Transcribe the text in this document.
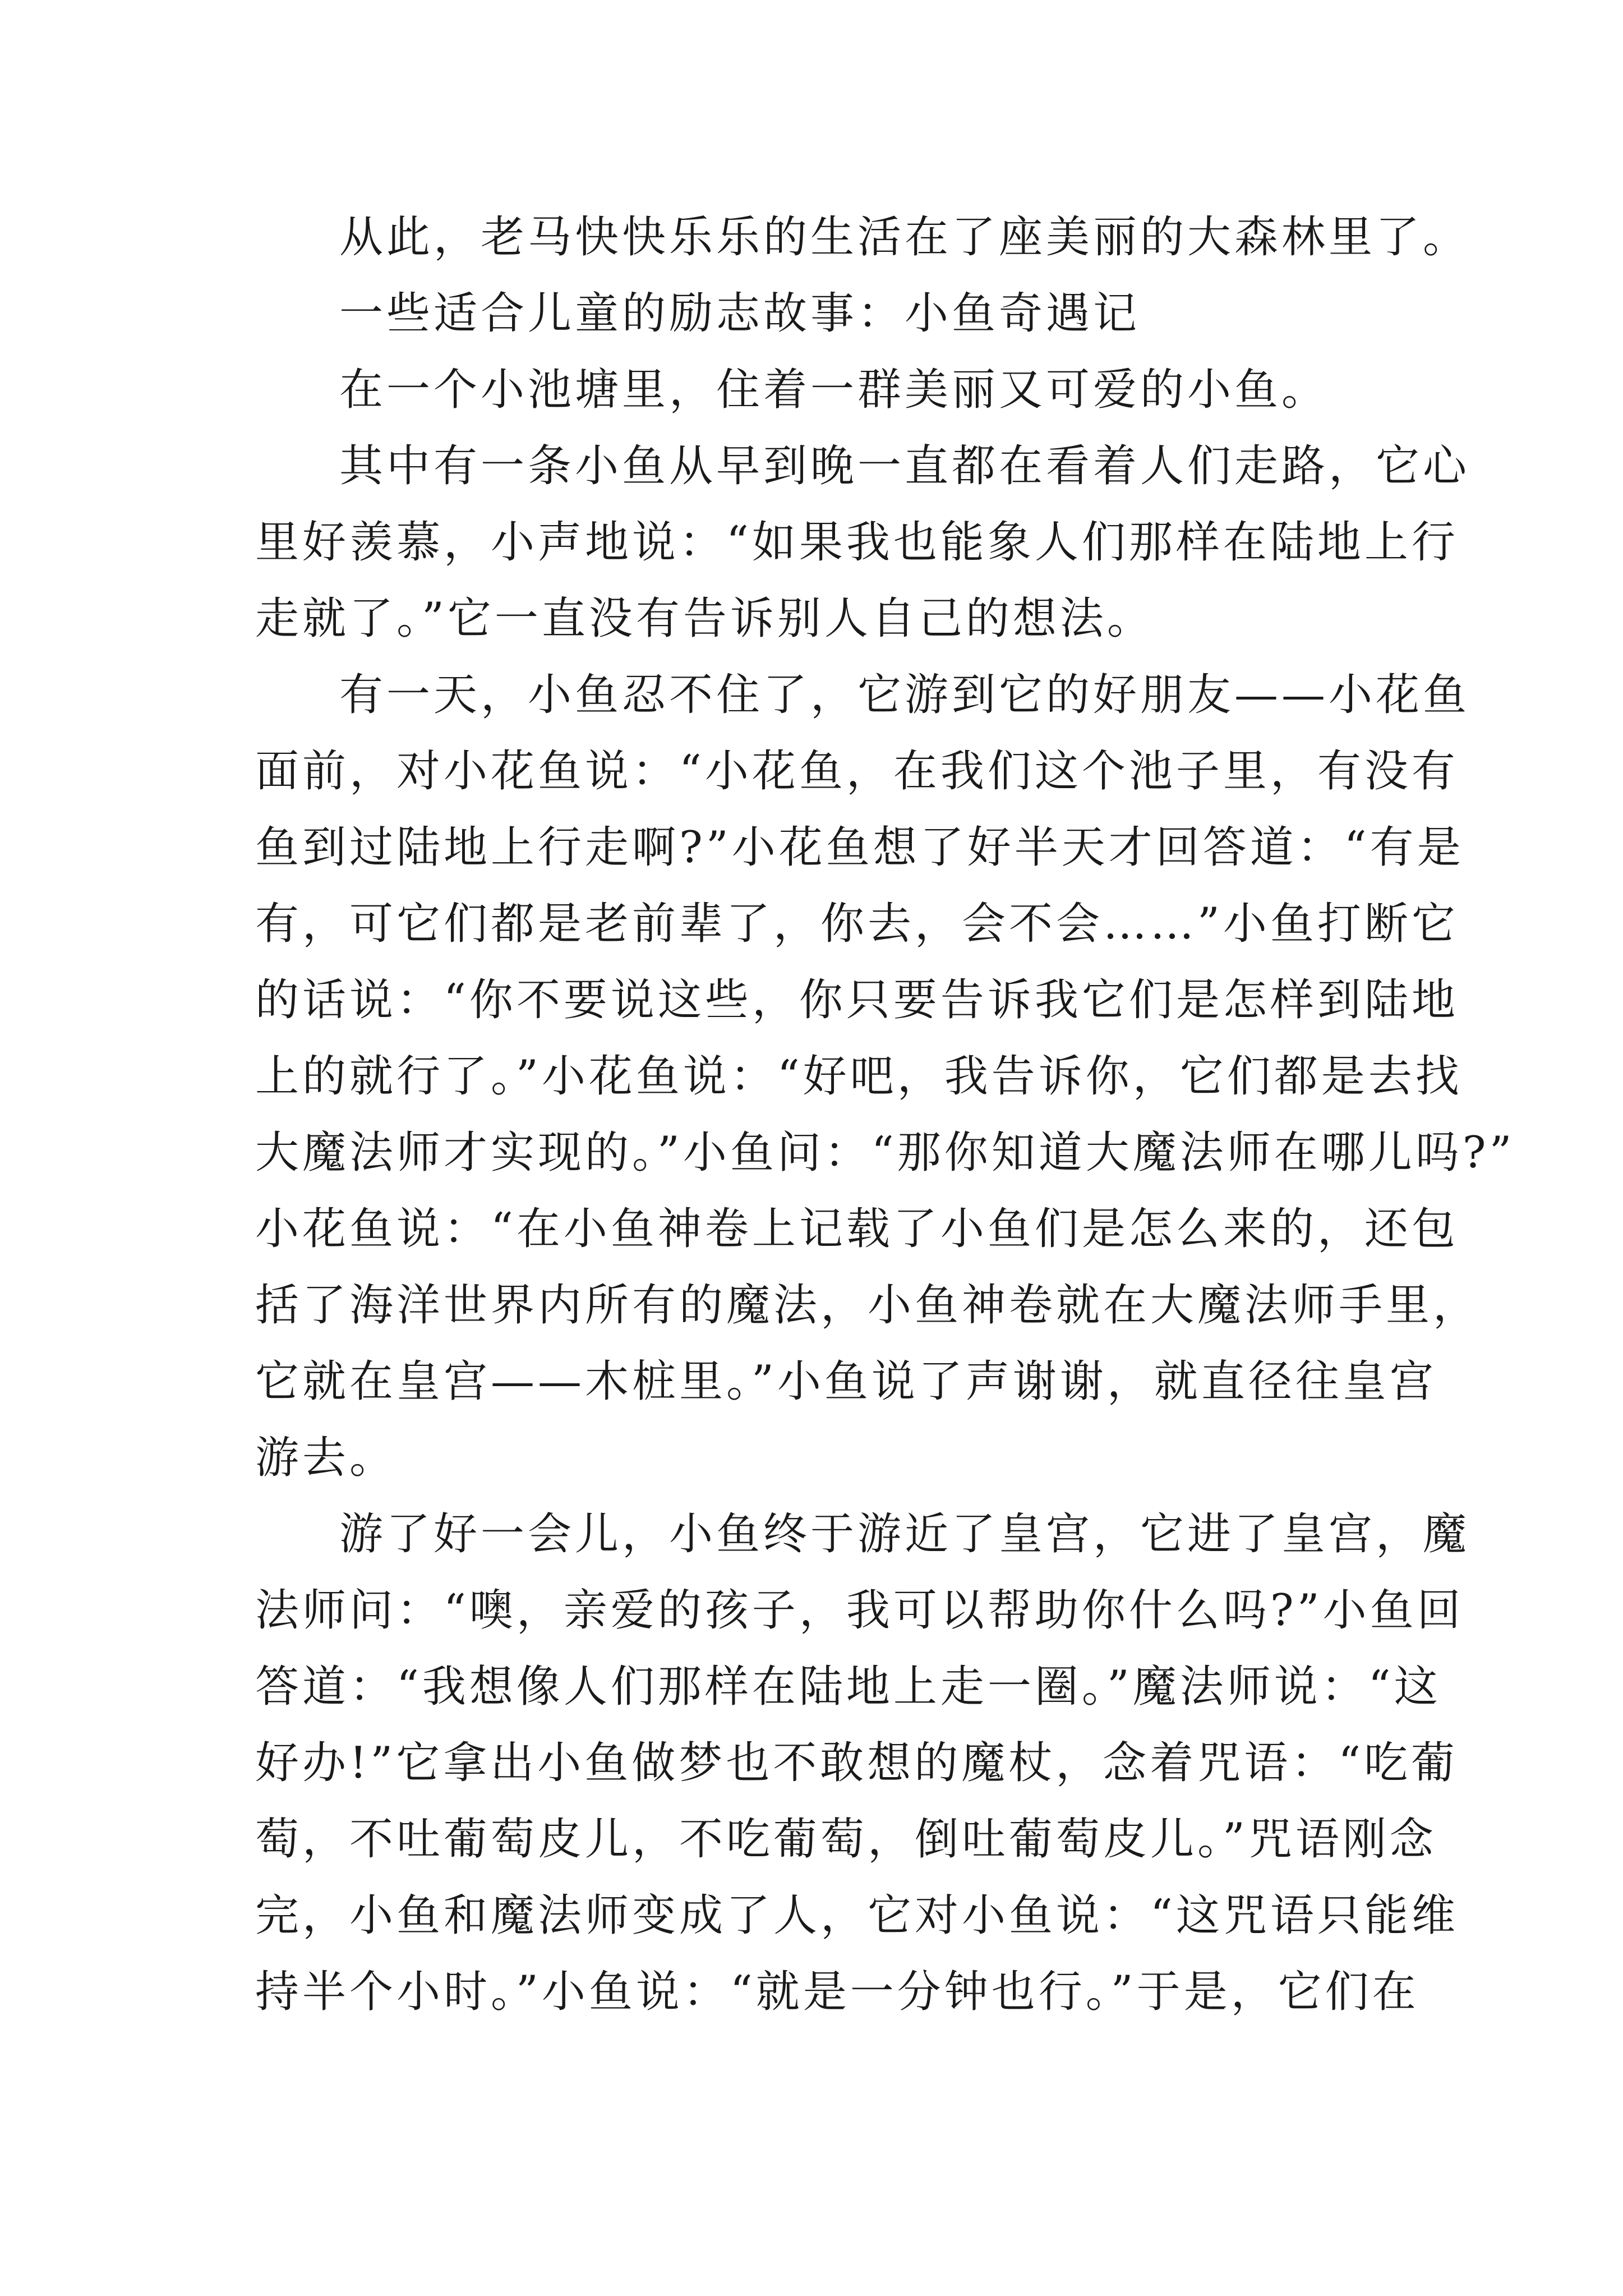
从此，老马快快乐乐的生活在了座美丽的大森林里了。
一些适合儿童的励志故事：小鱼奇遇记
在一个小池塘里，住着一群美丽又可爱的小鱼。
其中有一条小鱼从早到晚一直都在看着人们走路，它心
里好羡慕，小声地说：“如果我也能象人们那样在陆地上行
走就了。”它一直没有告诉别人自己的想法。
有一天，小鱼忍不住了，它游到它的好朋友——小花鱼
面前，对小花鱼说：“小花鱼，在我们这个池子里，有没有
鱼到过陆地上行走啊?”小花鱼想了好半天才回答道：“有是
有，可它们都是老前辈了，你去，会不会……”小鱼打断它
的话说：“你不要说这些，你只要告诉我它们是怎样到陆地
上的就行了。”小花鱼说：“好吧，我告诉你，它们都是去找
大魔法师才实现的。”小鱼问：“那你知道大魔法师在哪儿吗?”
小花鱼说：“在小鱼神卷上记载了小鱼们是怎么来的，还包
括了海洋世界内所有的魔法，小鱼神卷就在大魔法师手里，
它就在皇宫——木桩里。”小鱼说了声谢谢，就直径往皇宫
游去。
游了好一会儿，小鱼终于游近了皇宫，它进了皇宫，魔
法师问：“噢，亲爱的孩子，我可以帮助你什么吗?”小鱼回
答道：“我想像人们那样在陆地上走一圈。”魔法师说：“这
好办!”它拿出小鱼做梦也不敢想的魔杖，念着咒语：“吃葡
萄，不吐葡萄皮儿，不吃葡萄，倒吐葡萄皮儿。”咒语刚念
完，小鱼和魔法师变成了人，它对小鱼说：“这咒语只能维
持半个小时。”小鱼说：“就是一分钟也行。”于是，它们在
